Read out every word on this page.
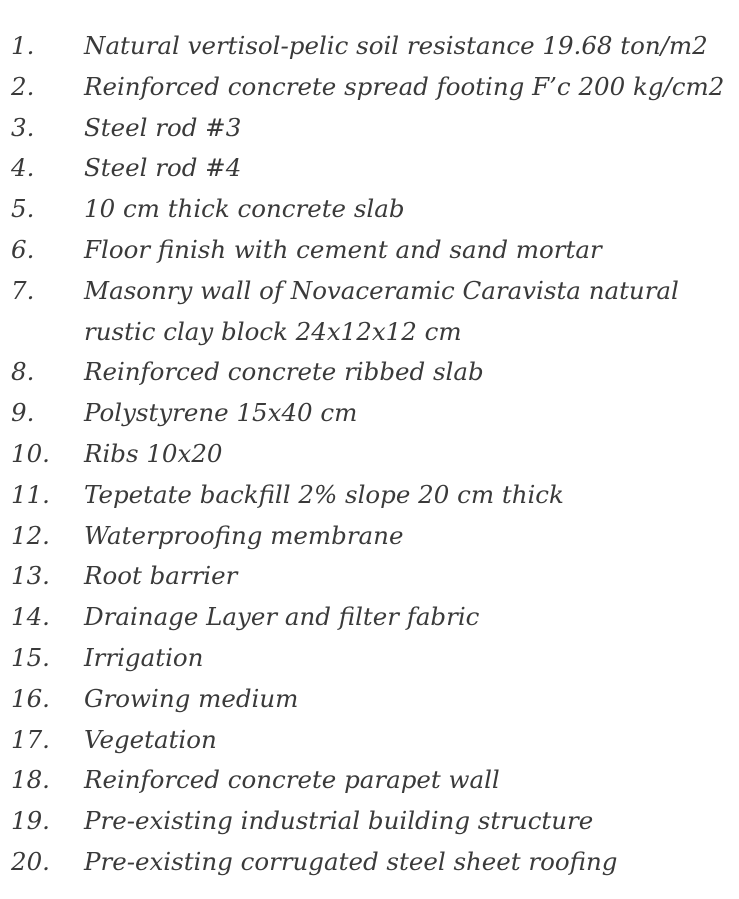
1.	Natural vertisol-pelic soil resistance 19.68 ton/m2
2.	Reinforced concrete spread footing F’c 200 kg/cm2
3.	Steel rod #3
4.	Steel rod #4
5.	10 cm thick concrete slab
6.	Floor finish with cement and sand mortar
7.	Masonry wall of Novaceramic Caravista natural
rustic clay block 24x12x12 cm
8.	Reinforced concrete ribbed slab
9.	Polystyrene 15x40 cm
10.	Ribs 10x20
11.	Tepetate backfill 2% slope 20 cm thick
12.	Waterproofing membrane
13.	Root barrier
14.	Drainage Layer and filter fabric
15.	Irrigation
16.	Growing medium
17.	Vegetation
18.	Reinforced concrete parapet wall
19.	Pre-existing industrial building structure
20.	Pre-existing corrugated steel sheet roofing
